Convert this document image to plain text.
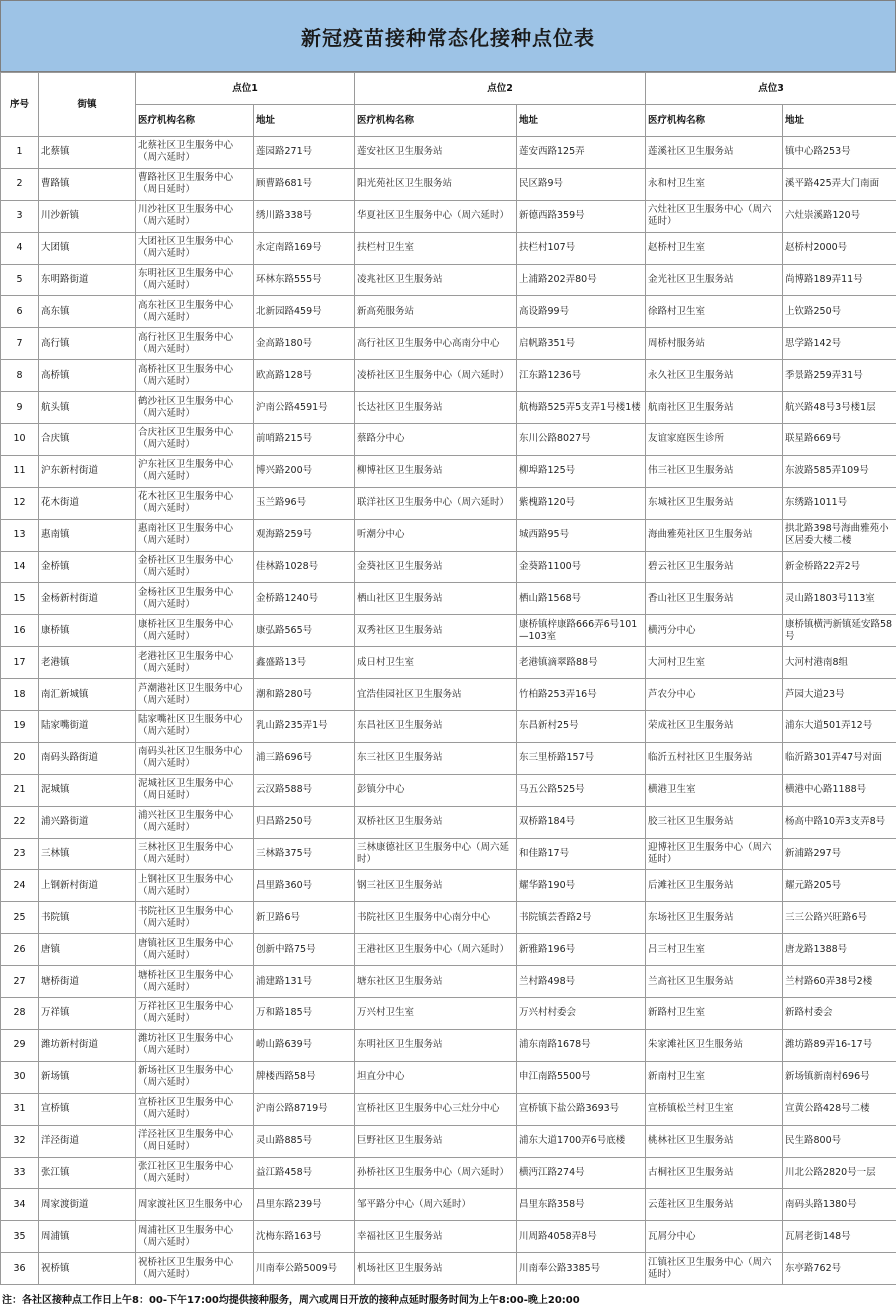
新冠疫苗接种常态化接种点位表
序号	街镇	点位1		点位2		点位3	
		医疗机构名称	地址	医疗机构名称	地址	医疗机构名称	地址
1	北蔡镇	北蔡社区卫生服务中心（周六延时）	莲园路271号	莲安社区卫生服务站	莲安西路125弄	莲溪社区卫生服务站	镇中心路253号
2	曹路镇	曹路社区卫生服务中心（周日延时）	顾曹路681号	阳光苑社区卫生服务站	民区路9号	永和村卫生室	溪平路425弄大门南面
3	川沙新镇	川沙社区卫生服务中心（周六延时）	绣川路338号	华夏社区卫生服务中心（周六延时）	新德西路359号	六灶社区卫生服务中心（周六延时）	六灶崇溪路120号
4	大团镇	大团社区卫生服务中心（周六延时）	永定南路169号	扶栏村卫生室	扶栏村107号	赵桥村卫生室	赵桥村2000号
5	东明路街道	东明社区卫生服务中心（周六延时）	环林东路555号	凌兆社区卫生服务站	上浦路202弄80号	金光社区卫生服务站	尚博路189弄11号
6	高东镇	高东社区卫生服务中心（周六延时）	北新园路459号	新高苑服务站	高设路99号	徐路村卫生室	上钦路250号
7	高行镇	高行社区卫生服务中心（周六延时）	金高路180号	高行社区卫生服务中心高南分中心	启帆路351号	周桥村服务站	思学路142号
8	高桥镇	高桥社区卫生服务中心（周六延时）	欧高路128号	凌桥社区卫生服务中心（周六延时）	江东路1236号	永久社区卫生服务站	季景路259弄31号
9	航头镇	鹤沙社区卫生服务中心（周六延时）	沪南公路4591号	长达社区卫生服务站	航梅路525弄5支弄1号楼1楼	航南社区卫生服务站	航兴路48号3号楼1层
10	合庆镇	合庆社区卫生服务中心（周六延时）	前哨路215号	蔡路分中心	东川公路8027号	友谊家庭医生诊所	联星路669号
11	沪东新村街道	沪东社区卫生服务中心（周六延时）	博兴路200号	柳博社区卫生服务站	柳埠路125号	伟三社区卫生服务站	东波路585弄109号
12	花木街道	花木社区卫生服务中心（周六延时）	玉兰路96号	联洋社区卫生服务中心（周六延时）	紫槐路120号	东城社区卫生服务站	东绣路1011号
13	惠南镇	惠南社区卫生服务中心（周六延时）	观海路259号	听潮分中心	城西路95号	海曲雅苑社区卫生服务站	拱北路398号海曲雅苑小区居委大楼二楼
14	金桥镇	金桥社区卫生服务中心（周六延时）	佳林路1028号	金葵社区卫生服务站	金葵路1100号	碧云社区卫生服务站	新金桥路22弄2号
15	金杨新村街道	金杨社区卫生服务中心（周六延时）	金桥路1240号	栖山社区卫生服务站	栖山路1568号	香山社区卫生服务站	灵山路1803号113室
16	康桥镇	康桥社区卫生服务中心（周六延时）	康弘路565号	双秀社区卫生服务站	康桥镇梓康路666弄6号101—103室	横沔分中心	康桥镇横沔新镇延安路58号
17	老港镇	老港社区卫生服务中心（周六延时）	鑫盛路13号	成日村卫生室	老港镇滴翠路88号	大河村卫生室	大河村港南8组
18	南汇新城镇	芦潮港社区卫生服务中心（周六延时）	潮和路280号	宜浩佳园社区卫生服务站	竹柏路253弄16号	芦农分中心	芦园大道23号
19	陆家嘴街道	陆家嘴社区卫生服务中心（周六延时）	乳山路235弄1号	东昌社区卫生服务站	东昌新村25号	荣成社区卫生服务站	浦东大道501弄12号
20	南码头路街道	南码头社区卫生服务中心（周六延时）	浦三路696号	东三社区卫生服务站	东三里桥路157号	临沂五村社区卫生服务站	临沂路301弄47号对面
21	泥城镇	泥城社区卫生服务中心（周日延时）	云汉路588号	彭镇分中心	马五公路525号	横港卫生室	横港中心路1188号
22	浦兴路街道	浦兴社区卫生服务中心（周六延时）	归昌路250号	双桥社区卫生服务站	双桥路184号	胶三社区卫生服务站	杨高中路10弄3支弄8号
23	三林镇	三林社区卫生服务中心（周六延时）	三林路375号	三林康德社区卫生服务中心（周六延时）	和佳路17号	迎博社区卫生服务中心（周六延时）	新浦路297号
24	上钢新村街道	上钢社区卫生服务中心（周六延时）	昌里路360号	钢三社区卫生服务站	耀华路190号	后滩社区卫生服务站	耀元路205号
25	书院镇	书院社区卫生服务中心（周六延时）	新卫路6号	书院社区卫生服务中心南分中心	书院镇芸香路2号	东场社区卫生服务站	三三公路兴旺路6号
26	唐镇	唐镇社区卫生服务中心（周六延时）	创新中路75号	王港社区卫生服务中心（周六延时）	新雅路196号	吕三村卫生室	唐龙路1388号
27	塘桥街道	塘桥社区卫生服务中心（周六延时）	浦建路131号	塘东社区卫生服务站	兰村路498号	兰高社区卫生服务站	兰村路60弄38号2楼
28	万祥镇	万祥社区卫生服务中心（周六延时）	万和路185号	万兴村卫生室	万兴村村委会	新路村卫生室	新路村委会
29	潍坊新村街道	潍坊社区卫生服务中心（周六延时）	崂山路639号	东明社区卫生服务站	浦东南路1678号	朱家滩社区卫生服务站	潍坊路89弄16-17号
30	新场镇	新场社区卫生服务中心（周六延时）	牌楼西路58号	坦直分中心	申江南路5500号	新南村卫生室	新场镇新南村696号
31	宣桥镇	宣桥社区卫生服务中心（周六延时）	沪南公路8719号	宣桥社区卫生服务中心三灶分中心	宣桥镇下盐公路3693号	宣桥镇松兰村卫生室	宣黄公路428号二楼
32	洋泾街道	洋泾社区卫生服务中心（周日延时）	灵山路885号	巨野社区卫生服务站	浦东大道1700弄6号底楼	桃林社区卫生服务站	民生路800号
33	张江镇	张江社区卫生服务中心（周六延时）	益江路458号	孙桥社区卫生服务中心（周六延时）	横沔江路274号	古桐社区卫生服务站	川北公路2820号一层
34	周家渡街道	周家渡社区卫生服务中心	昌里东路239号	邹平路分中心（周六延时）	昌里东路358号	云莲社区卫生服务站	南码头路1380号
35	周浦镇	周浦社区卫生服务中心（周六延时）	沈梅东路163号	幸福社区卫生服务站	川周路4058弄8号	瓦屑分中心	瓦屑老街148号
36	祝桥镇	祝桥社区卫生服务中心（周六延时）	川南奉公路5009号	机场社区卫生服务站	川南奉公路3385号	江镇社区卫生服务中心（周六延时）	东亭路762号
注：各社区接种点工作日上午8：00-下午17:00均提供接种服务，周六或周日开放的接种点延时服务时间为上午8:00-晚上20:00
